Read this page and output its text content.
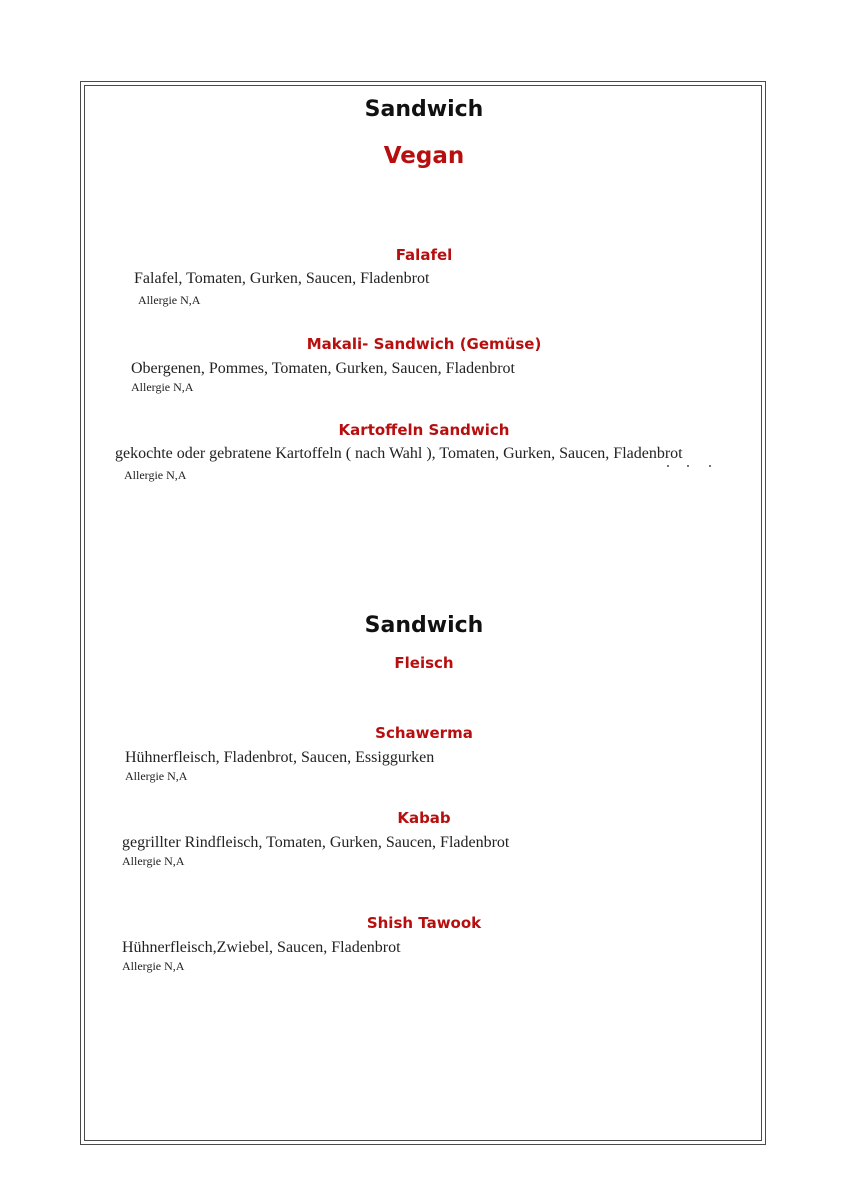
Sandwich
Vegan
Falafel
Falafel, Tomaten, Gurken, Saucen, Fladenbrot
Allergie N,A
Makali- Sandwich (Gemüse)
Obergenen, Pommes, Tomaten, Gurken, Saucen, Fladenbrot
Allergie N,A
Kartoffeln Sandwich
gekochte oder gebratene Kartoffeln ( nach Wahl ), Tomaten, Gurken, Saucen, Fladenbrot
Allergie N,A
Sandwich
Fleisch
Schawerma
Hühnerfleisch, Fladenbrot, Saucen, Essiggurken
Allergie N,A
Kabab
gegrillter Rindfleisch, Tomaten, Gurken, Saucen, Fladenbrot
Allergie N,A
Shish Tawook
Hühnerfleisch,Zwiebel, Saucen, Fladenbrot
Allergie N,A
